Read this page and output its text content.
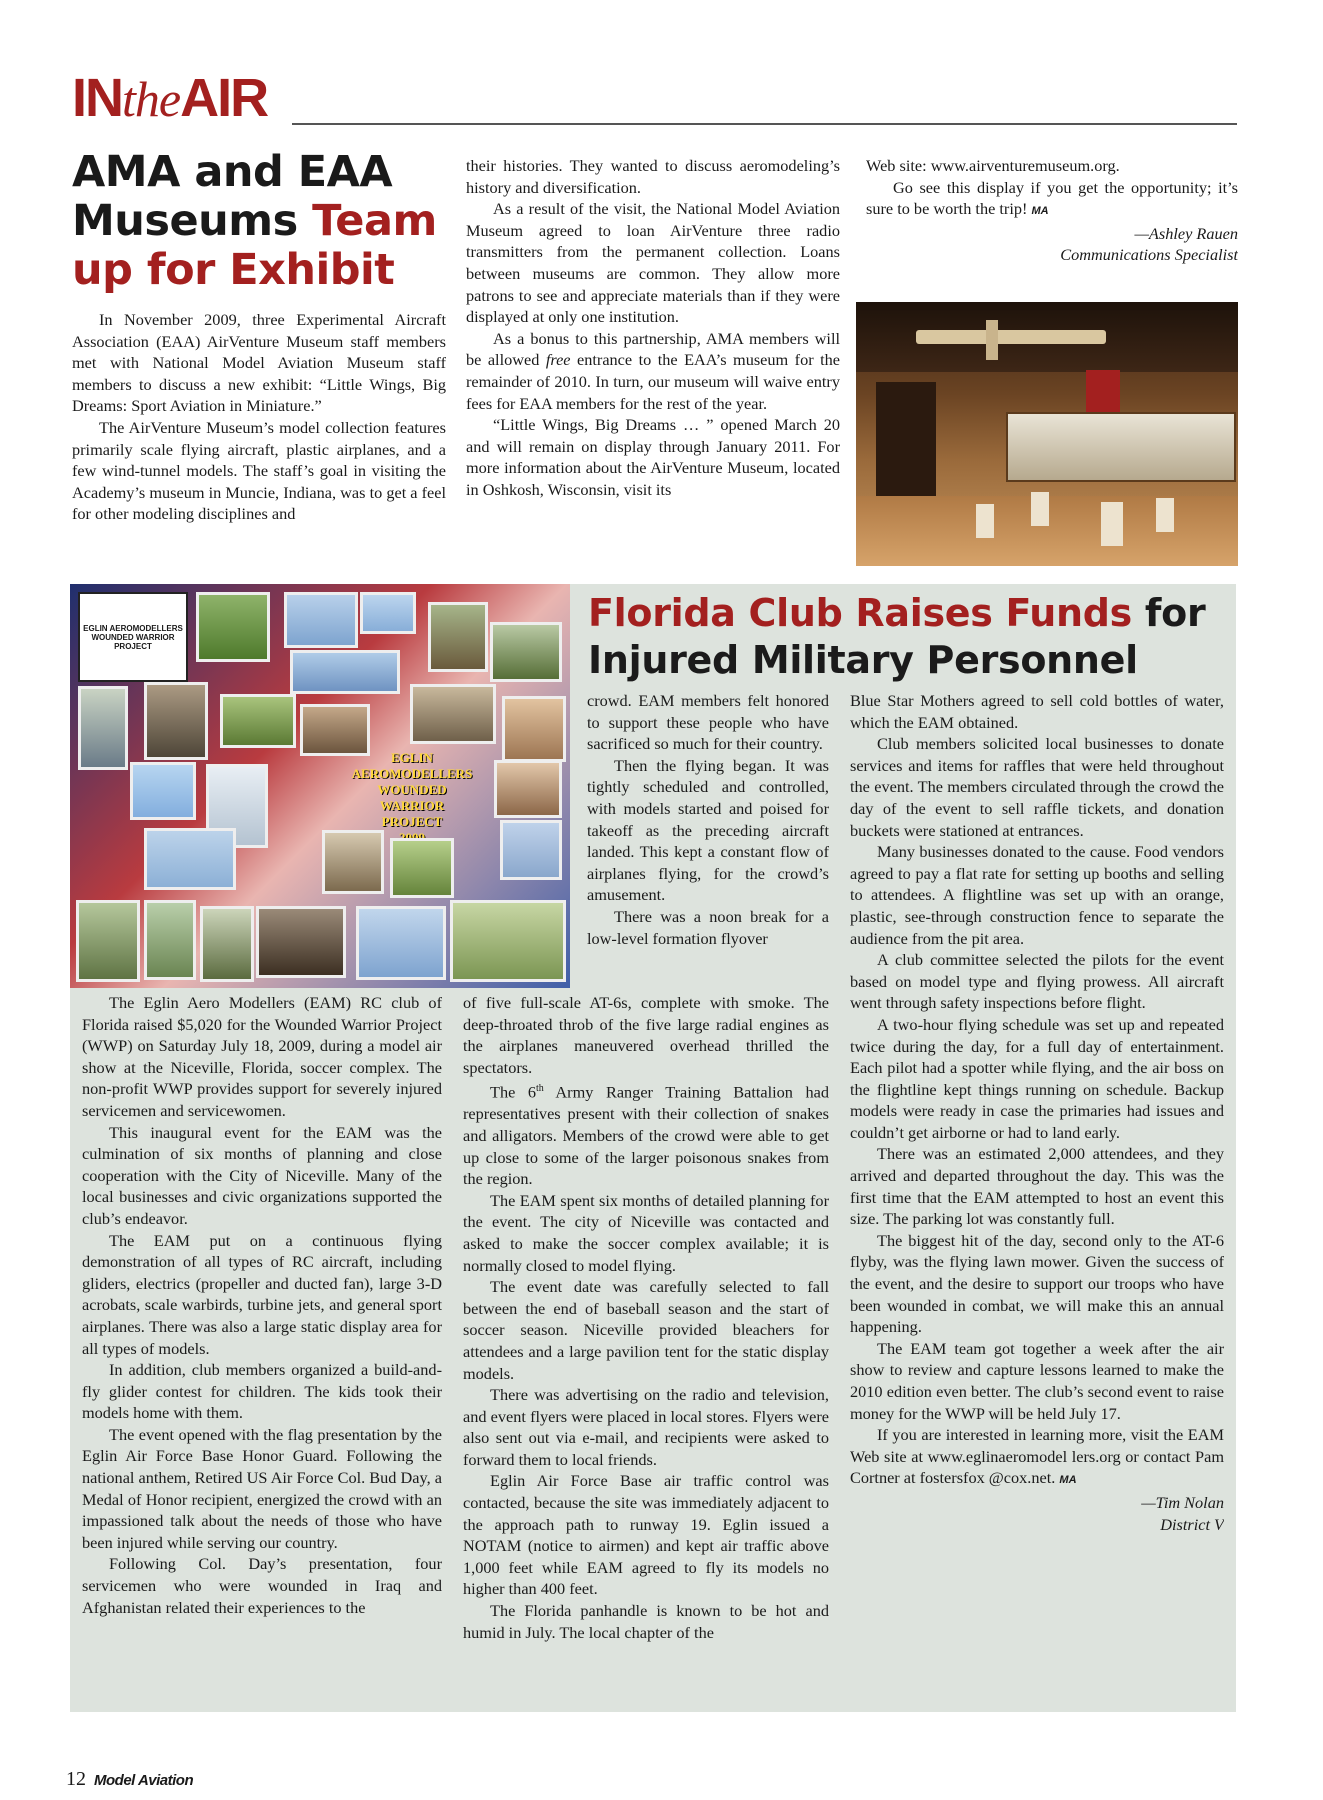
INtheAIR
AMA and EAA
Museums Team
up for Exhibit

In November 2009, three Experimental Aircraft Association (EAA) AirVenture Museum staff members met with National Model Aviation Museum staff members to discuss a new exhibit: “Little Wings, Big Dreams: Sport Aviation in Miniature.”

The AirVenture Museum’s model collection features primarily scale flying aircraft, plastic airplanes, and a few wind-tunnel models. The staff’s goal in visiting the Academy’s museum in Muncie, Indiana, was to get a feel for other modeling disciplines and

their histories. They wanted to discuss aeromodeling’s history and diversification.

As a result of the visit, the National Model Aviation Museum agreed to loan AirVenture three radio transmitters from the permanent collection. Loans between museums are common. They allow more patrons to see and appreciate materials than if they were displayed at only one institution.

As a bonus to this partnership, AMA members will be allowed free entrance to the EAA’s museum for the remainder of 2010. In turn, our museum will waive entry fees for EAA members for the rest of the year.

“Little Wings, Big Dreams … ” opened March 20 and will remain on display through January 2011. For more information about the AirVenture Museum, located in Oshkosh, Wisconsin, visit its

Web site: www.airventuremuseum.org.

Go see this display if you get the opportunity; it’s sure to be worth the trip! MA

—Ashley Rauen
Communications Specialist
EGLIN AEROMODELLERS WOUNDED WARRIOR PROJECT
EGLIN
AEROMODELLERS
WOUNDED WARRIOR
PROJECT
Florida Club Raises Funds for
Injured Military Personnel

The Eglin Aero Modellers (EAM) RC club of Florida raised $5,020 for the Wounded Warrior Project (WWP) on Saturday July 18, 2009, during a model air show at the Niceville, Florida, soccer complex. The non-profit WWP provides support for severely injured servicemen and servicewomen.

This inaugural event for the EAM was the culmination of six months of planning and close cooperation with the City of Niceville. Many of the local businesses and civic organizations supported the club’s endeavor.

The EAM put on a continuous flying demonstration of all types of RC aircraft, including gliders, electrics (propeller and ducted fan), large 3-D acrobats, scale warbirds, turbine jets, and general sport airplanes. There was also a large static display area for all types of models.

In addition, club members organized a build-and-fly glider contest for children. The kids took their models home with them.

The event opened with the flag presentation by the Eglin Air Force Base Honor Guard. Following the national anthem, Retired US Air Force Col. Bud Day, a Medal of Honor recipient, energized the crowd with an impassioned talk about the needs of those who have been injured while serving our country.

Following Col. Day’s presentation, four servicemen who were wounded in Iraq and Afghanistan related their experiences to the

crowd. EAM members felt honored to support these people who have sacrificed so much for their country.

Then the flying began. It was tightly scheduled and controlled, with models started and poised for takeoff as the preceding aircraft landed. This kept a constant flow of airplanes flying, for the crowd’s amusement.

There was a noon break for a low-level formation flyover

of five full-scale AT-6s, complete with smoke. The deep-throated throb of the five large radial engines as the airplanes maneuvered overhead thrilled the spectators.

The 6th Army Ranger Training Battalion had representatives present with their collection of snakes and alligators. Members of the crowd were able to get up close to some of the larger poisonous snakes from the region.

The EAM spent six months of detailed planning for the event. The city of Niceville was contacted and asked to make the soccer complex available; it is normally closed to model flying.

The event date was carefully selected to fall between the end of baseball season and the start of soccer season. Niceville provided bleachers for attendees and a large pavilion tent for the static display models.

There was advertising on the radio and television, and event flyers were placed in local stores. Flyers were also sent out via e-mail, and recipients were asked to forward them to local friends.

Eglin Air Force Base air traffic control was contacted, because the site was immediately adjacent to the approach path to runway 19. Eglin issued a NOTAM (notice to airmen) and kept air traffic above 1,000 feet while EAM agreed to fly its models no higher than 400 feet.

The Florida panhandle is known to be hot and humid in July. The local chapter of the

Blue Star Mothers agreed to sell cold bottles of water, which the EAM obtained.

Club members solicited local businesses to donate services and items for raffles that were held throughout the event. The members circulated through the crowd the day of the event to sell raffle tickets, and donation buckets were stationed at entrances.

Many businesses donated to the cause. Food vendors agreed to pay a flat rate for setting up booths and selling to attendees. A flightline was set up with an orange, plastic, see-through construction fence to separate the audience from the pit area.

A club committee selected the pilots for the event based on model type and flying prowess. All aircraft went through safety inspections before flight.

A two-hour flying schedule was set up and repeated twice during the day, for a full day of entertainment. Each pilot had a spotter while flying, and the air boss on the flightline kept things running on schedule. Backup models were ready in case the primaries had issues and couldn’t get airborne or had to land early.

There was an estimated 2,000 attendees, and they arrived and departed throughout the day. This was the first time that the EAM attempted to host an event this size. The parking lot was constantly full.

The biggest hit of the day, second only to the AT-6 flyby, was the flying lawn mower. Given the success of the event, and the desire to support our troops who have been wounded in combat, we will make this an annual happening.

The EAM team got together a week after the air show to review and capture lessons learned to make the 2010 edition even better. The club’s second event to raise money for the WWP will be held July 17.

If you are interested in learning more, visit the EAM Web site at www.eglinaeromodel lers.org or contact Pam Cortner at fostersfox @cox.net. MA

—Tim Nolan
District V
12 Model Aviation
